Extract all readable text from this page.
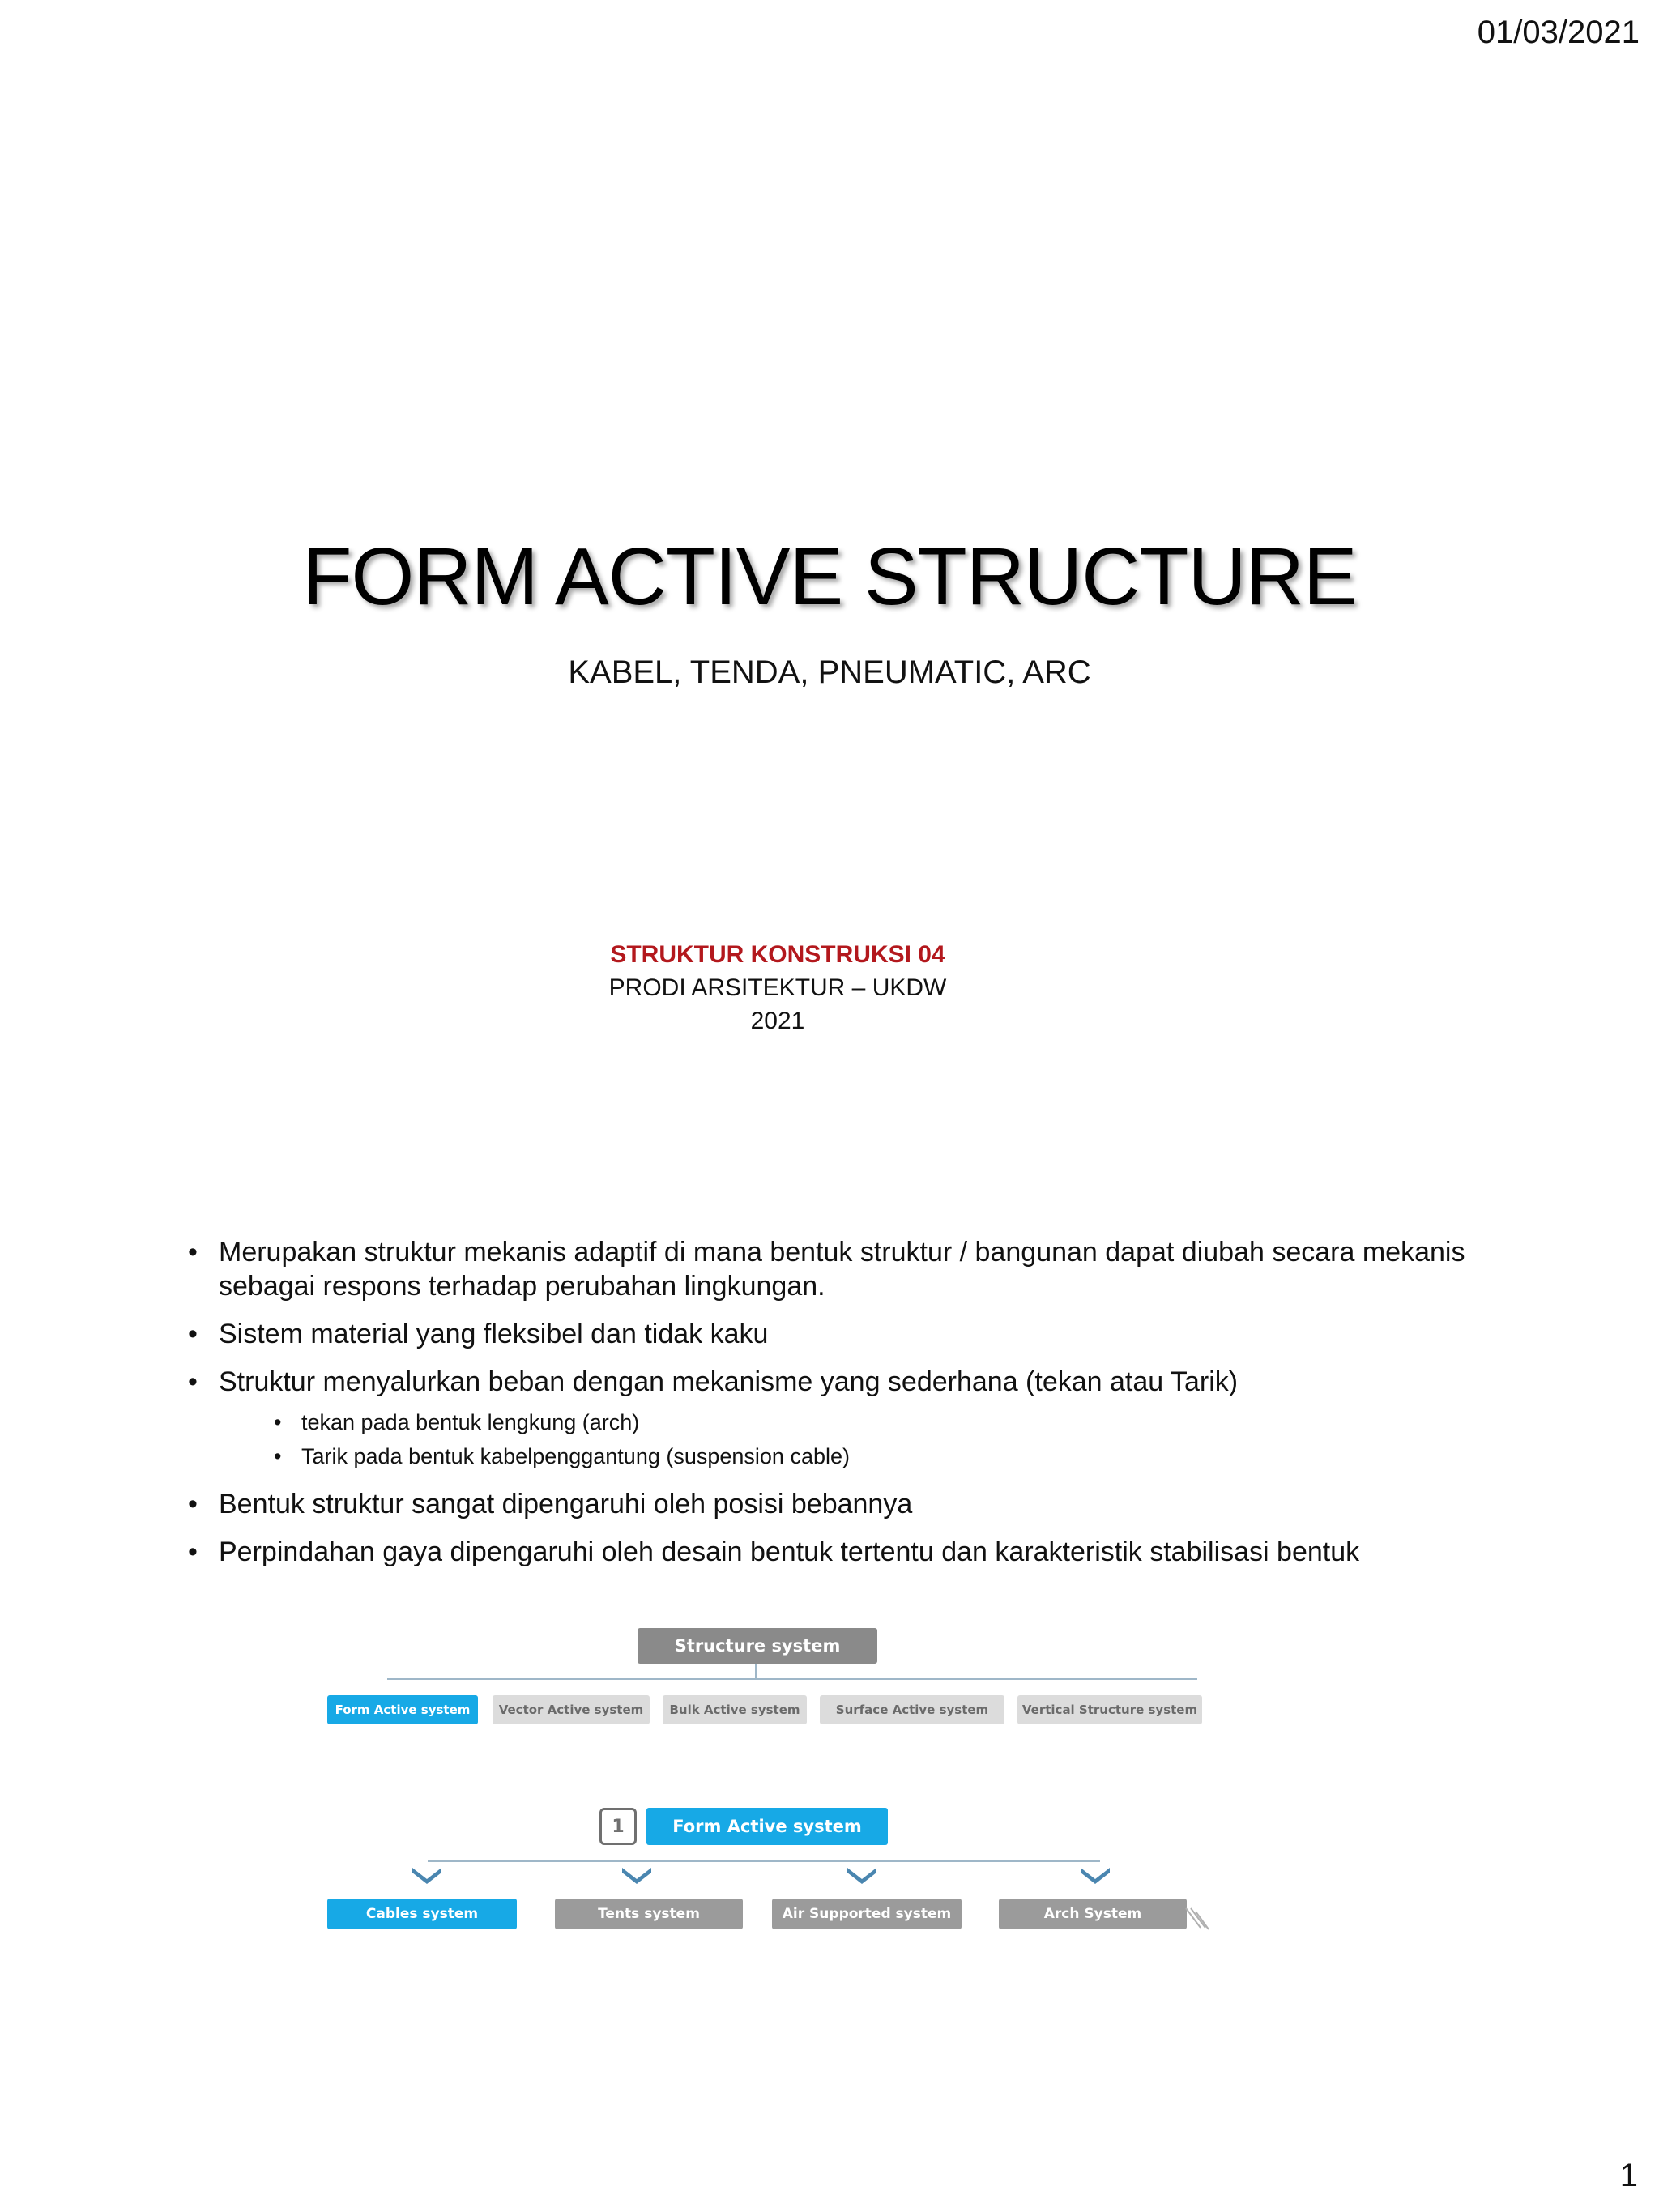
01/03/2021
FORM ACTIVE STRUCTURE

KABEL, TENDA, PNEUMATIC, ARC

STRUKTUR KONSTRUKSI 04
PRODI ARSITEKTUR – UKDW
2021
• Merupakan struktur mekanis adaptif di mana bentuk struktur / bangunan dapat diubah secara mekanis sebagai respons terhadap perubahan lingkungan.
• Sistem material yang fleksibel dan tidak kaku
• Struktur menyalurkan beban dengan mekanisme yang sederhana (tekan atau Tarik)
• tekan pada bentuk lengkung (arch)
• Tarik pada bentuk kabelpenggantung (suspension cable)
• Bentuk struktur sangat dipengaruhi oleh posisi bebannya
• Perpindahan gaya dipengaruhi oleh desain bentuk tertentu dan karakteristik stabilisasi bentuk
Structure system
Form Active system	Vector Active system	Bulk Active system	Surface Active system	Vertical Structure system
1	Form Active system
Cables system	Tents system	Air Supported system	Arch System
1
